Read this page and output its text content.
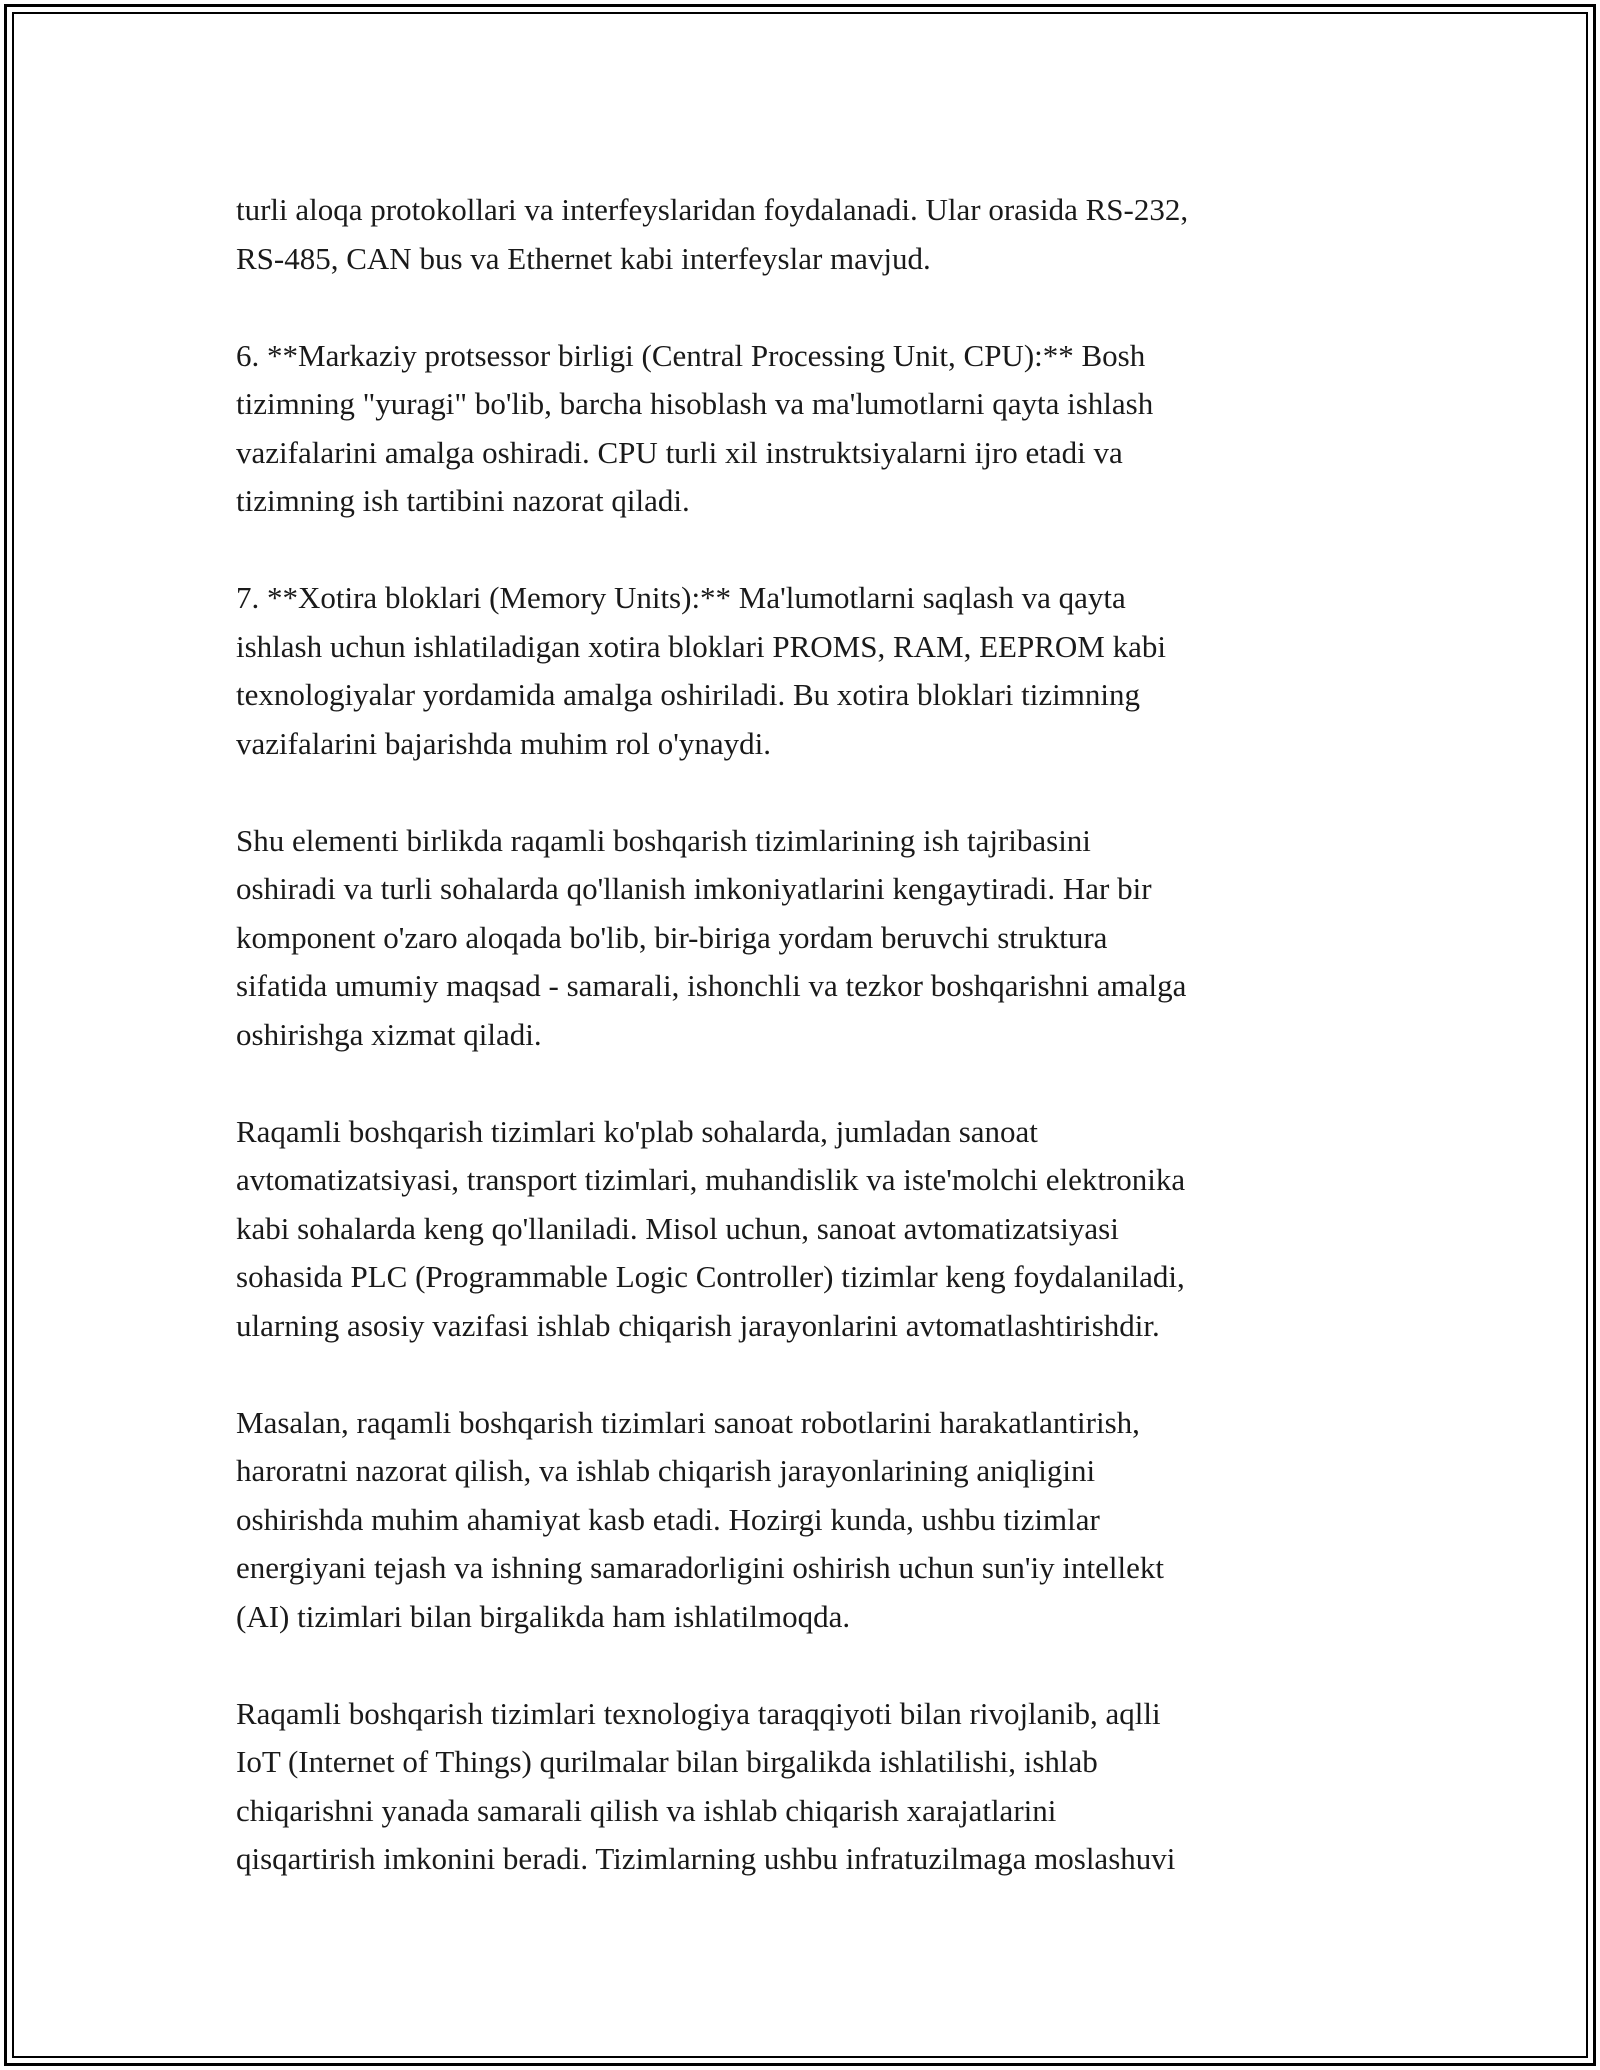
turli aloqa protokollari va interfeyslaridan foydalanadi. Ular orasida RS-232,
RS-485, CAN bus va Ethernet kabi interfeyslar mavjud.
6. **Markaziy protsessor birligi (Central Processing Unit, CPU):** Bosh
tizimning "yuragi" bo'lib, barcha hisoblash va ma'lumotlarni qayta ishlash
vazifalarini amalga oshiradi. CPU turli xil instruktsiyalarni ijro etadi va
tizimning ish tartibini nazorat qiladi.
7. **Xotira bloklari (Memory Units):** Ma'lumotlarni saqlash va qayta
ishlash uchun ishlatiladigan xotira bloklari PROMS, RAM, EEPROM kabi
texnologiyalar yordamida amalga oshiriladi. Bu xotira bloklari tizimning
vazifalarini bajarishda muhim rol o'ynaydi.
Shu elementi birlikda raqamli boshqarish tizimlarining ish tajribasini
oshiradi va turli sohalarda qo'llanish imkoniyatlarini kengaytiradi. Har bir
komponent o'zaro aloqada bo'lib, bir-biriga yordam beruvchi struktura
sifatida umumiy maqsad - samarali, ishonchli va tezkor boshqarishni amalga
oshirishga xizmat qiladi.
Raqamli boshqarish tizimlari ko'plab sohalarda, jumladan sanoat
avtomatizatsiyasi, transport tizimlari, muhandislik va iste'molchi elektronika
kabi sohalarda keng qo'llaniladi. Misol uchun, sanoat avtomatizatsiyasi
sohasida PLC (Programmable Logic Controller) tizimlar keng foydalaniladi,
ularning asosiy vazifasi ishlab chiqarish jarayonlarini avtomatlashtirishdir.
Masalan, raqamli boshqarish tizimlari sanoat robotlarini harakatlantirish,
haroratni nazorat qilish, va ishlab chiqarish jarayonlarining aniqligini
oshirishda muhim ahamiyat kasb etadi. Hozirgi kunda, ushbu tizimlar
energiyani tejash va ishning samaradorligini oshirish uchun sun'iy intellekt
(AI) tizimlari bilan birgalikda ham ishlatilmoqda.
Raqamli boshqarish tizimlari texnologiya taraqqiyoti bilan rivojlanib, aqlli
IoT (Internet of Things) qurilmalar bilan birgalikda ishlatilishi, ishlab
chiqarishni yanada samarali qilish va ishlab chiqarish xarajatlarini
qisqartirish imkonini beradi. Tizimlarning ushbu infratuzilmaga moslashuvi
